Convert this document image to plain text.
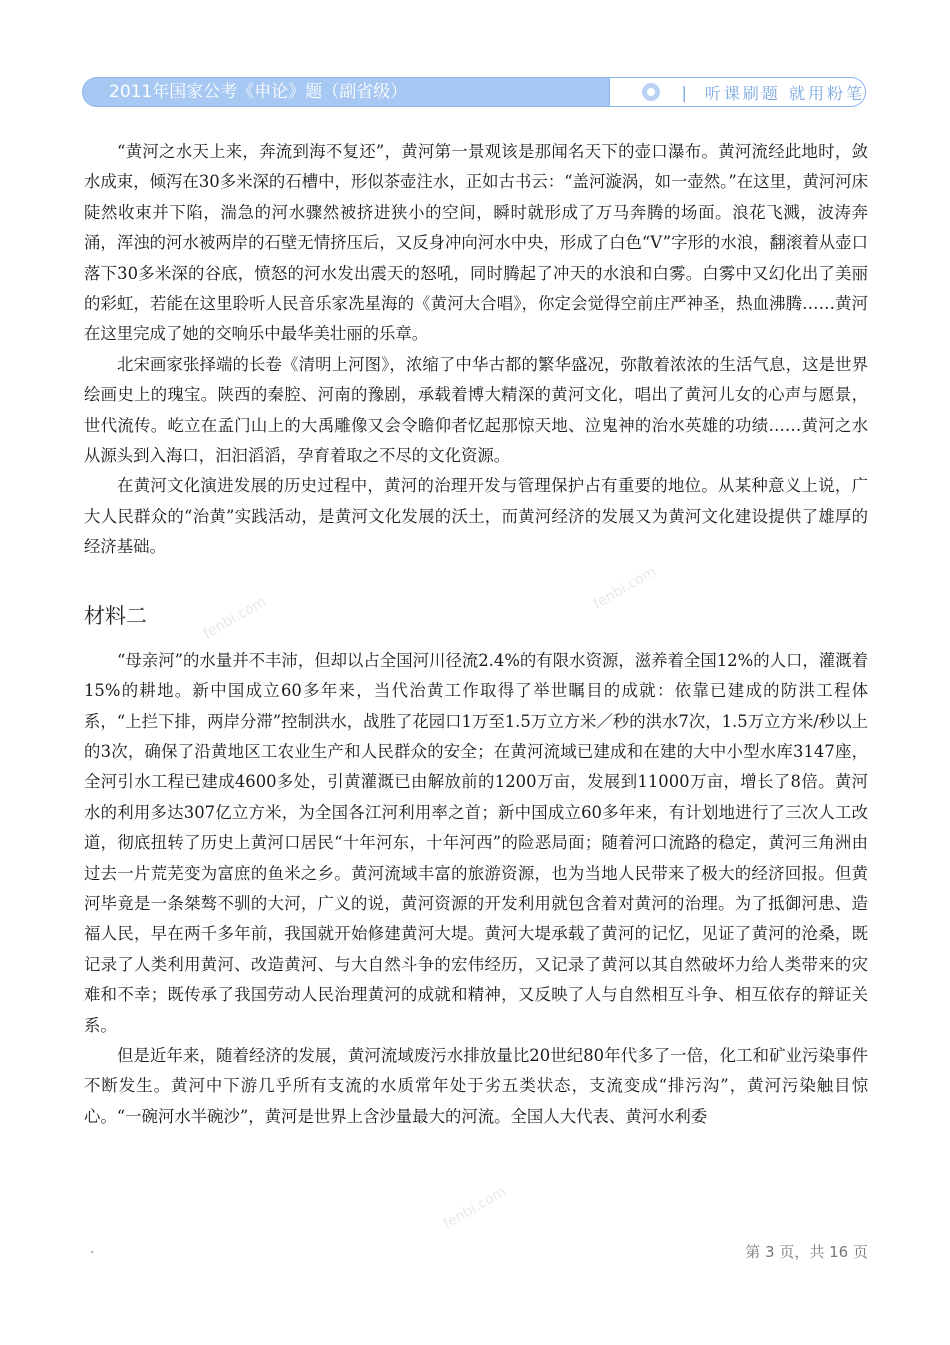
2011年国家公考《申论》题（副省级）	| 听课刷题 就用粉笔
fenbi.com
fenbi.com
fenbi.com

“黄河之水天上来，奔流到海不复还”，黄河第一景观该是那闻名天下的壶口瀑布。黄河流经此地时，敛水成束，倾泻在30多米深的石槽中，形似茶壶注水，正如古书云：“盖河漩涡，如一壶然。”在这里，黄河河床陡然收束并下陷，湍急的河水骤然被挤进狭小的空间，瞬时就形成了万马奔腾的场面。浪花飞溅，波涛奔涌，浑浊的河水被两岸的石壁无情挤压后，又反身冲向河水中央，形成了白色“V”字形的水浪，翻滚着从壶口落下30多米深的谷底，愤怒的河水发出震天的怒吼，同时腾起了冲天的水浪和白雾。白雾中又幻化出了美丽的彩虹，若能在这里聆听人民音乐家冼星海的《黄河大合唱》，你定会觉得空前庄严神圣，热血沸腾……黄河在这里完成了她的交响乐中最华美壮丽的乐章。

北宋画家张择端的长卷《清明上河图》，浓缩了中华古都的繁华盛况，弥散着浓浓的生活气息，这是世界绘画史上的瑰宝。陕西的秦腔、河南的豫剧，承载着博大精深的黄河文化，唱出了黄河儿女的心声与愿景，世代流传。屹立在孟门山上的大禹雕像又会令瞻仰者忆起那惊天地、泣鬼神的治水英雄的功绩……黄河之水从源头到入海口，汩汩滔滔，孕育着取之不尽的文化资源。

在黄河文化演进发展的历史过程中，黄河的治理开发与管理保护占有重要的地位。从某种意义上说，广大人民群众的“治黄”实践活动，是黄河文化发展的沃土，而黄河经济的发展又为黄河文化建设提供了雄厚的经济基础。

材料二

“母亲河”的水量并不丰沛，但却以占全国河川径流2.4%的有限水资源，滋养着全国12%的人口，灌溉着15%的耕地。新中国成立60多年来，当代治黄工作取得了举世瞩目的成就：依靠已建成的防洪工程体系，“上拦下排，两岸分滞”控制洪水，战胜了花园口1万至1.5万立方米／秒的洪水7次，1.5万立方米/秒以上的3次，确保了沿黄地区工农业生产和人民群众的安全；在黄河流域已建成和在建的大中小型水库3147座，全河引水工程已建成4600多处，引黄灌溉已由解放前的1200万亩，发展到11000万亩，增长了8倍。黄河水的利用多达307亿立方米，为全国各江河利用率之首；新中国成立60多年来，有计划地进行了三次人工改道，彻底扭转了历史上黄河口居民“十年河东，十年河西”的险恶局面；随着河口流路的稳定，黄河三角洲由过去一片荒芜变为富庶的鱼米之乡。黄河流域丰富的旅游资源，也为当地人民带来了极大的经济回报。但黄河毕竟是一条桀骜不驯的大河，广义的说，黄河资源的开发利用就包含着对黄河的治理。为了抵御河患、造福人民，早在两千多年前，我国就开始修建黄河大堤。黄河大堤承载了黄河的记忆，见证了黄河的沧桑，既记录了人类利用黄河、改造黄河、与大自然斗争的宏伟经历，又记录了黄河以其自然破坏力给人类带来的灾难和不幸；既传承了我国劳动人民治理黄河的成就和精神，又反映了人与自然相互斗争、相互依存的辩证关系。

但是近年来，随着经济的发展，黄河流域废污水排放量比20世纪80年代多了一倍，化工和矿业污染事件不断发生。黄河中下游几乎所有支流的水质常年处于劣五类状态，支流变成“排污沟”，黄河污染触目惊心。“一碗河水半碗沙”，黄河是世界上含沙量最大的河流。全国人大代表、黄河水利委

·	第 3 页，共 16 页
